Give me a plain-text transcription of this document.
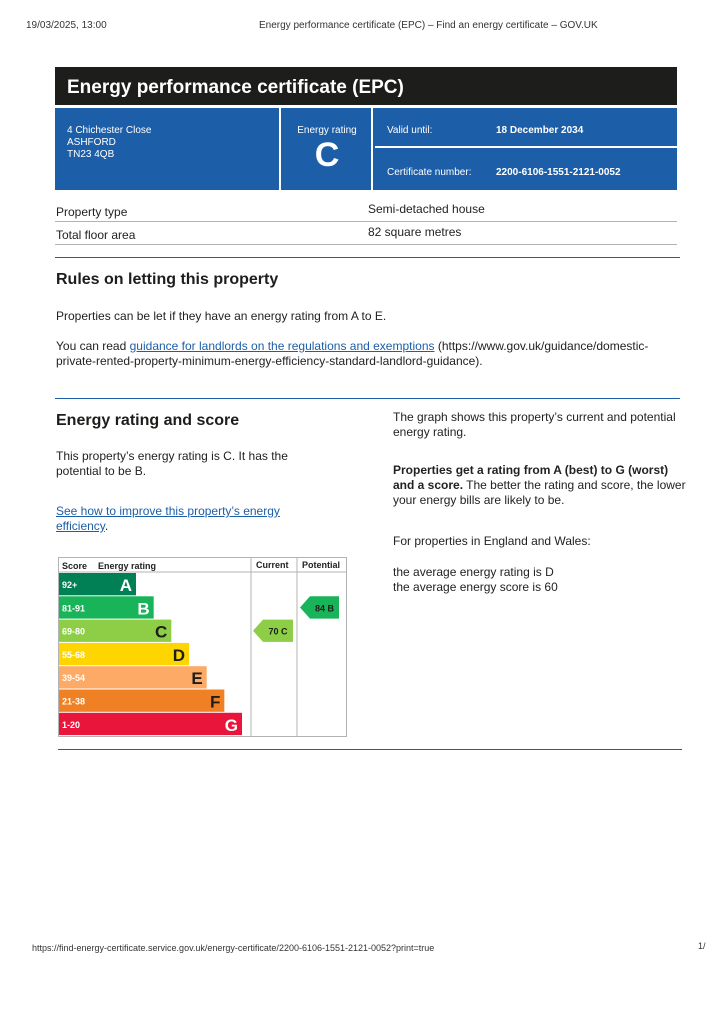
19/03/2025, 13:00	Energy performance certificate (EPC) – Find an energy certificate – GOV.UK
Energy performance certificate (EPC)
4 Chichester Close
ASHFORD
TN23 4QB
Energy rating
C
Valid until:	18 December 2034
Certificate number: 2200-6106-1551-2121-0052
Property type	Semi-detached house
Total floor area	82 square metres
Rules on letting this property
Properties can be let if they have an energy rating from A to E.
You can read guidance for landlords on the regulations and exemptions (https://www.gov.uk/guidance/domestic-private-rented-property-minimum-energy-efficiency-standard-landlord-guidance).
Energy rating and score
This property’s energy rating is C. It has the potential to be B.
See how to improve this property’s energy efficiency.
The graph shows this property’s current and potential energy rating.
Properties get a rating from A (best) to G (worst) and a score. The better the rating and score, the lower your energy bills are likely to be.
For properties in England and Wales:
the average energy rating is D
the average energy score is 60
Score Energy rating	Current Potential
92+ A
81-91	B
69-80	C
55-68	D
39-54	E
21-38	F
1-20	G
70 C
84 B
https://find-energy-certificate.service.gov.uk/energy-certificate/2200-6106-1551-2121-0052?print=true	1/
